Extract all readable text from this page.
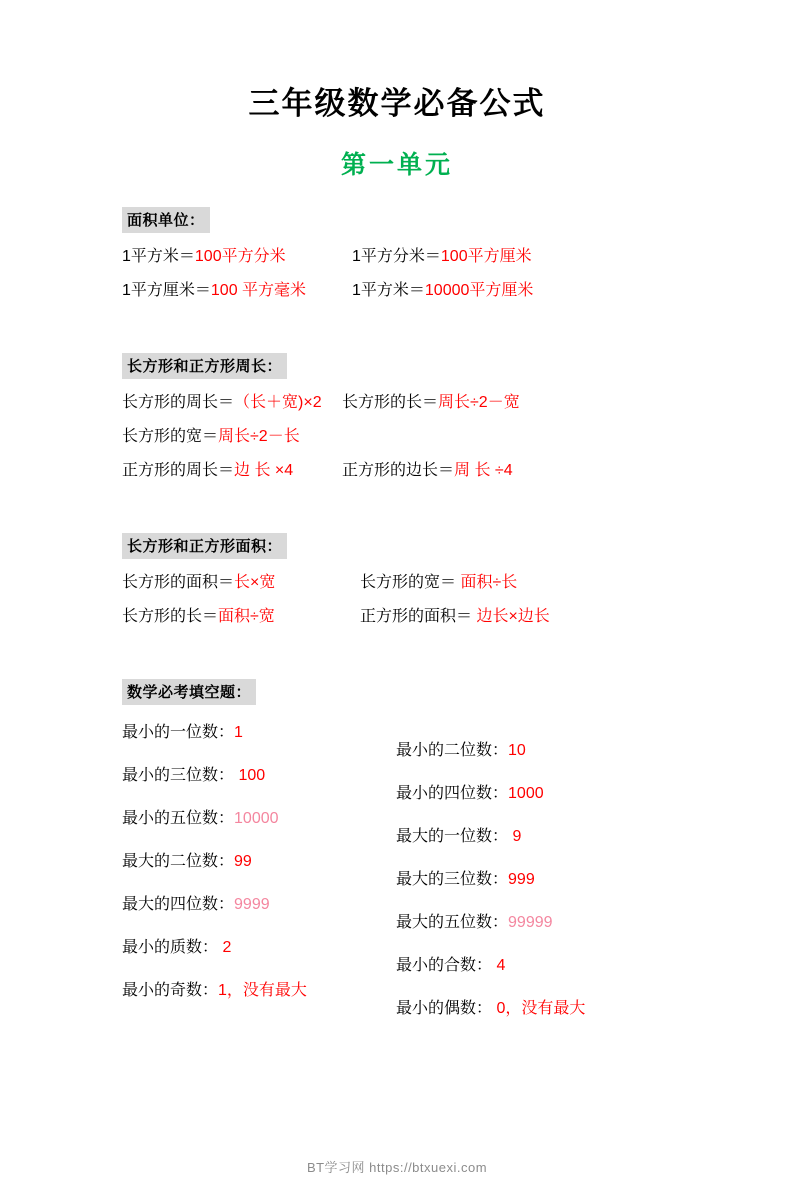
三年级数学必备公式
第一单元
面积单位：
1平方米＝100平方分米	1平方分米＝100平方厘米
1平方厘米＝100 平方毫米	1平方米＝10000平方厘米
长方形和正方形周长：
长方形的周长＝（长＋宽)×2	长方形的长＝周长÷2－宽
长方形的宽＝周长÷2－长
正方形的周长＝边 长 ×4	正方形的边长＝周 长 ÷4
长方形和正方形面积：
长方形的面积＝长×宽	长方形的宽＝ 面积÷长
长方形的长＝面积÷宽	正方形的面积＝ 边长×边长
数学必考填空题：
最小的一位数：1
最小的三位数： 100
最小的五位数：10000
最大的二位数：99
最大的四位数：9999
最小的质数： 2
最小的奇数：1，没有最大
最小的二位数：10
最小的四位数：1000
最大的一位数： 9
最大的三位数：999
最大的五位数：99999
最小的合数： 4
最小的偶数： 0，没有最大
BT学习网 https://btxuexi.com
